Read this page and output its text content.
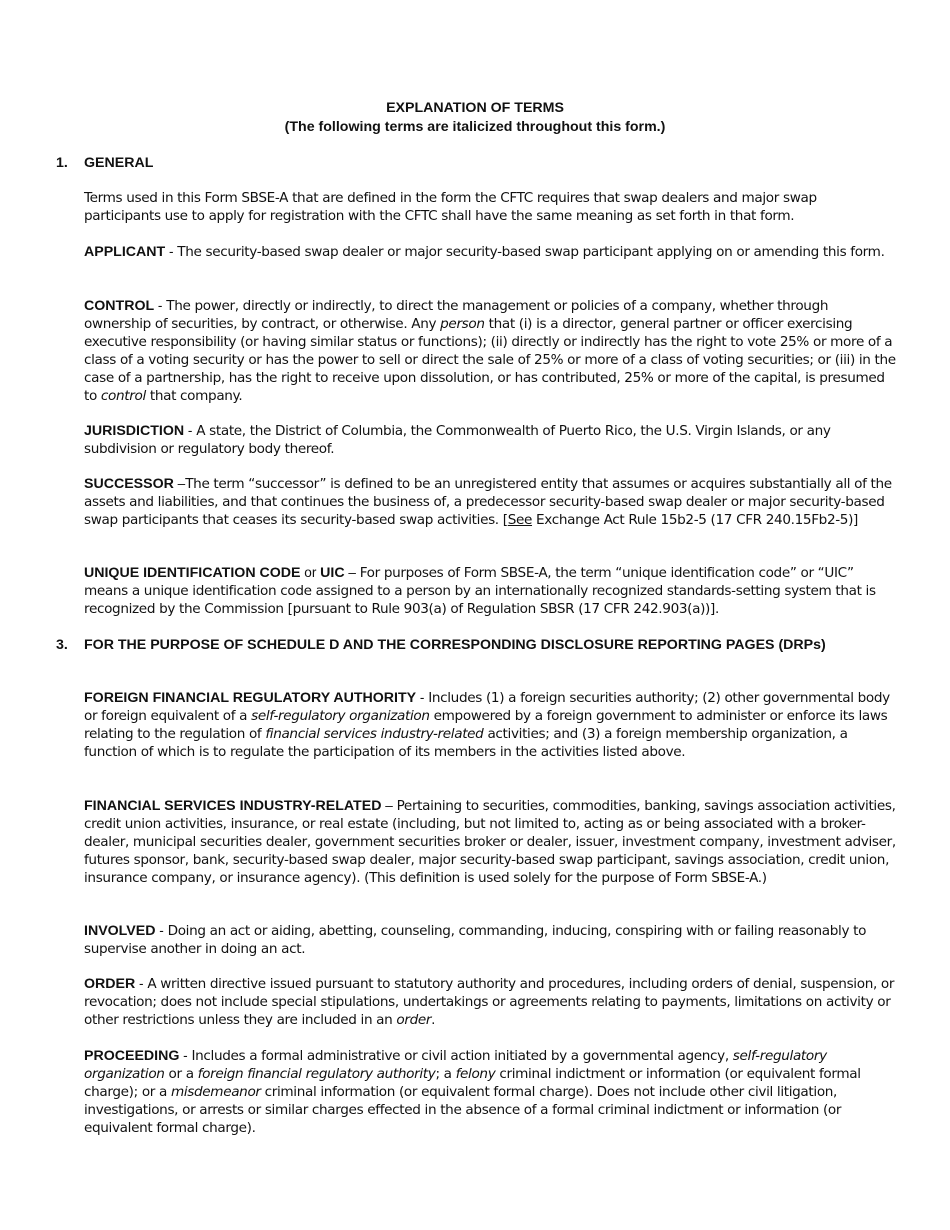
EXPLANATION OF TERMS
(The following terms are italicized throughout this form.)
1. GENERAL
Terms used in this Form SBSE-A that are defined in the form the CFTC requires that swap dealers and major swap participants use to apply for registration with the CFTC shall have the same meaning as set forth in that form.
APPLICANT - The security-based swap dealer or major security-based swap participant applying on or amending this form.
CONTROL - The power, directly or indirectly, to direct the management or policies of a company, whether through ownership of securities, by contract, or otherwise. Any person that (i) is a director, general partner or officer exercising executive responsibility (or having similar status or functions); (ii) directly or indirectly has the right to vote 25% or more of a class of a voting security or has the power to sell or direct the sale of 25% or more of a class of voting securities; or (iii) in the case of a partnership, has the right to receive upon dissolution, or has contributed, 25% or more of the capital, is presumed to control that company.
JURISDICTION - A state, the District of Columbia, the Commonwealth of Puerto Rico, the U.S. Virgin Islands, or any subdivision or regulatory body thereof.
SUCCESSOR –The term “successor” is defined to be an unregistered entity that assumes or acquires substantially all of the assets and liabilities, and that continues the business of, a predecessor security-based swap dealer or major security-based swap participants that ceases its security-based swap activities. [See Exchange Act Rule 15b2-5 (17 CFR 240.15Fb2-5)]
UNIQUE IDENTIFICATION CODE or UIC – For purposes of Form SBSE-A, the term “unique identification code” or “UIC” means a unique identification code assigned to a person by an internationally recognized standards-setting system that is recognized by the Commission [pursuant to Rule 903(a) of Regulation SBSR (17 CFR 242.903(a))].
3. FOR THE PURPOSE OF SCHEDULE D AND THE CORRESPONDING DISCLOSURE REPORTING PAGES (DRPs)
FOREIGN FINANCIAL REGULATORY AUTHORITY - Includes (1) a foreign securities authority; (2) other governmental body or foreign equivalent of a self-regulatory organization empowered by a foreign government to administer or enforce its laws relating to the regulation of financial services industry-related activities; and (3) a foreign membership organization, a function of which is to regulate the participation of its members in the activities listed above.
FINANCIAL SERVICES INDUSTRY-RELATED – Pertaining to securities, commodities, banking, savings association activities, credit union activities, insurance, or real estate (including, but not limited to, acting as or being associated with a broker-dealer, municipal securities dealer, government securities broker or dealer, issuer, investment company, investment adviser, futures sponsor, bank, security-based swap dealer, major security-based swap participant, savings association, credit union, insurance company, or insurance agency). (This definition is used solely for the purpose of Form SBSE-A.)
INVOLVED - Doing an act or aiding, abetting, counseling, commanding, inducing, conspiring with or failing reasonably to supervise another in doing an act.
ORDER - A written directive issued pursuant to statutory authority and procedures, including orders of denial, suspension, or revocation; does not include special stipulations, undertakings or agreements relating to payments, limitations on activity or other restrictions unless they are included in an order.
PROCEEDING - Includes a formal administrative or civil action initiated by a governmental agency, self-regulatory organization or a foreign financial regulatory authority; a felony criminal indictment or information (or equivalent formal charge); or a misdemeanor criminal information (or equivalent formal charge). Does not include other civil litigation, investigations, or arrests or similar charges effected in the absence of a formal criminal indictment or information (or equivalent formal charge).
